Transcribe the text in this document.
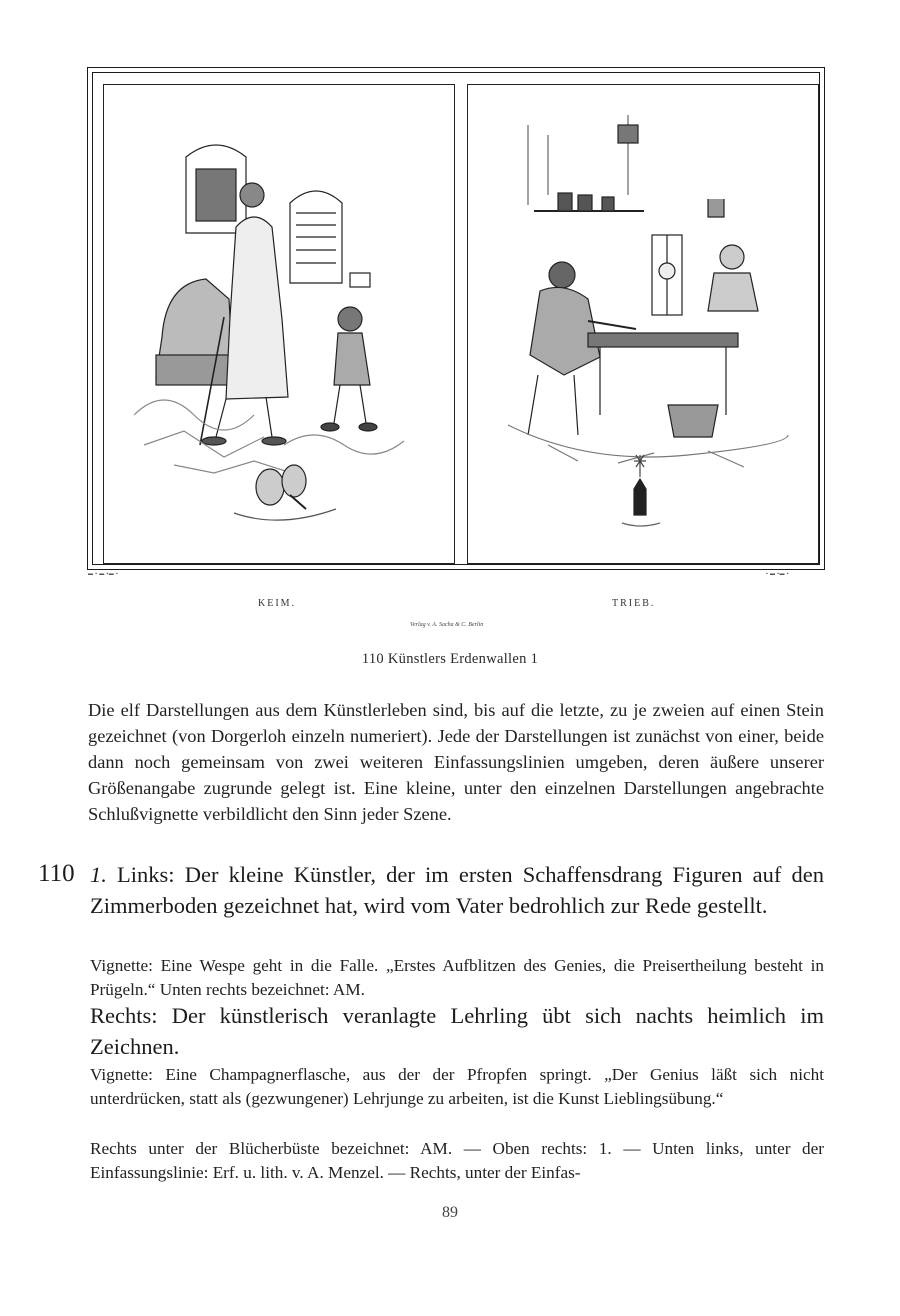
▬ ▪ ▬ ▪▬ ▪	▪ ▬ ▪▬ ▪
KEIM.	TRIEB.
Verlag v. A. Sacha & C. Berlin
110 Künstlers Erdenwallen 1

Die elf Darstellungen aus dem Künstlerleben sind, bis auf die letzte, zu je zweien auf einen Stein gezeichnet (von Dorgerloh einzeln numeriert). Jede der Darstellungen ist zunächst von einer, beide dann noch gemeinsam von zwei weiteren Einfassungslinien umgeben, deren äußere unserer Größenangabe zugrunde gelegt ist. Eine kleine, unter den einzelnen Darstellungen angebrachte Schlußvignette verbildlicht den Sinn jeder Szene.

110 1. Links: Der kleine Künstler, der im ersten Schaffensdrang Figuren auf den Zimmerboden gezeichnet hat, wird vom Vater bedrohlich zur Rede gestellt.

Vignette: Eine Wespe geht in die Falle. „Erstes Aufblitzen des Genies, die Preisertheilung besteht in Prügeln.“ Unten rechts bezeichnet: AM.

Rechts: Der künstlerisch veranlagte Lehrling übt sich nachts heimlich im Zeichnen.

Vignette: Eine Champagnerflasche, aus der der Pfropfen springt. „Der Genius läßt sich nicht unterdrücken, statt als (gezwungener) Lehrjunge zu arbeiten, ist die Kunst Lieblingsübung.“

Rechts unter der Blücherbüste bezeichnet: AM. — Oben rechts: 1. — Unten links, unter der Einfassungslinie: Erf. u. lith. v. A. Menzel. — Rechts, unter der Einfas-

89
